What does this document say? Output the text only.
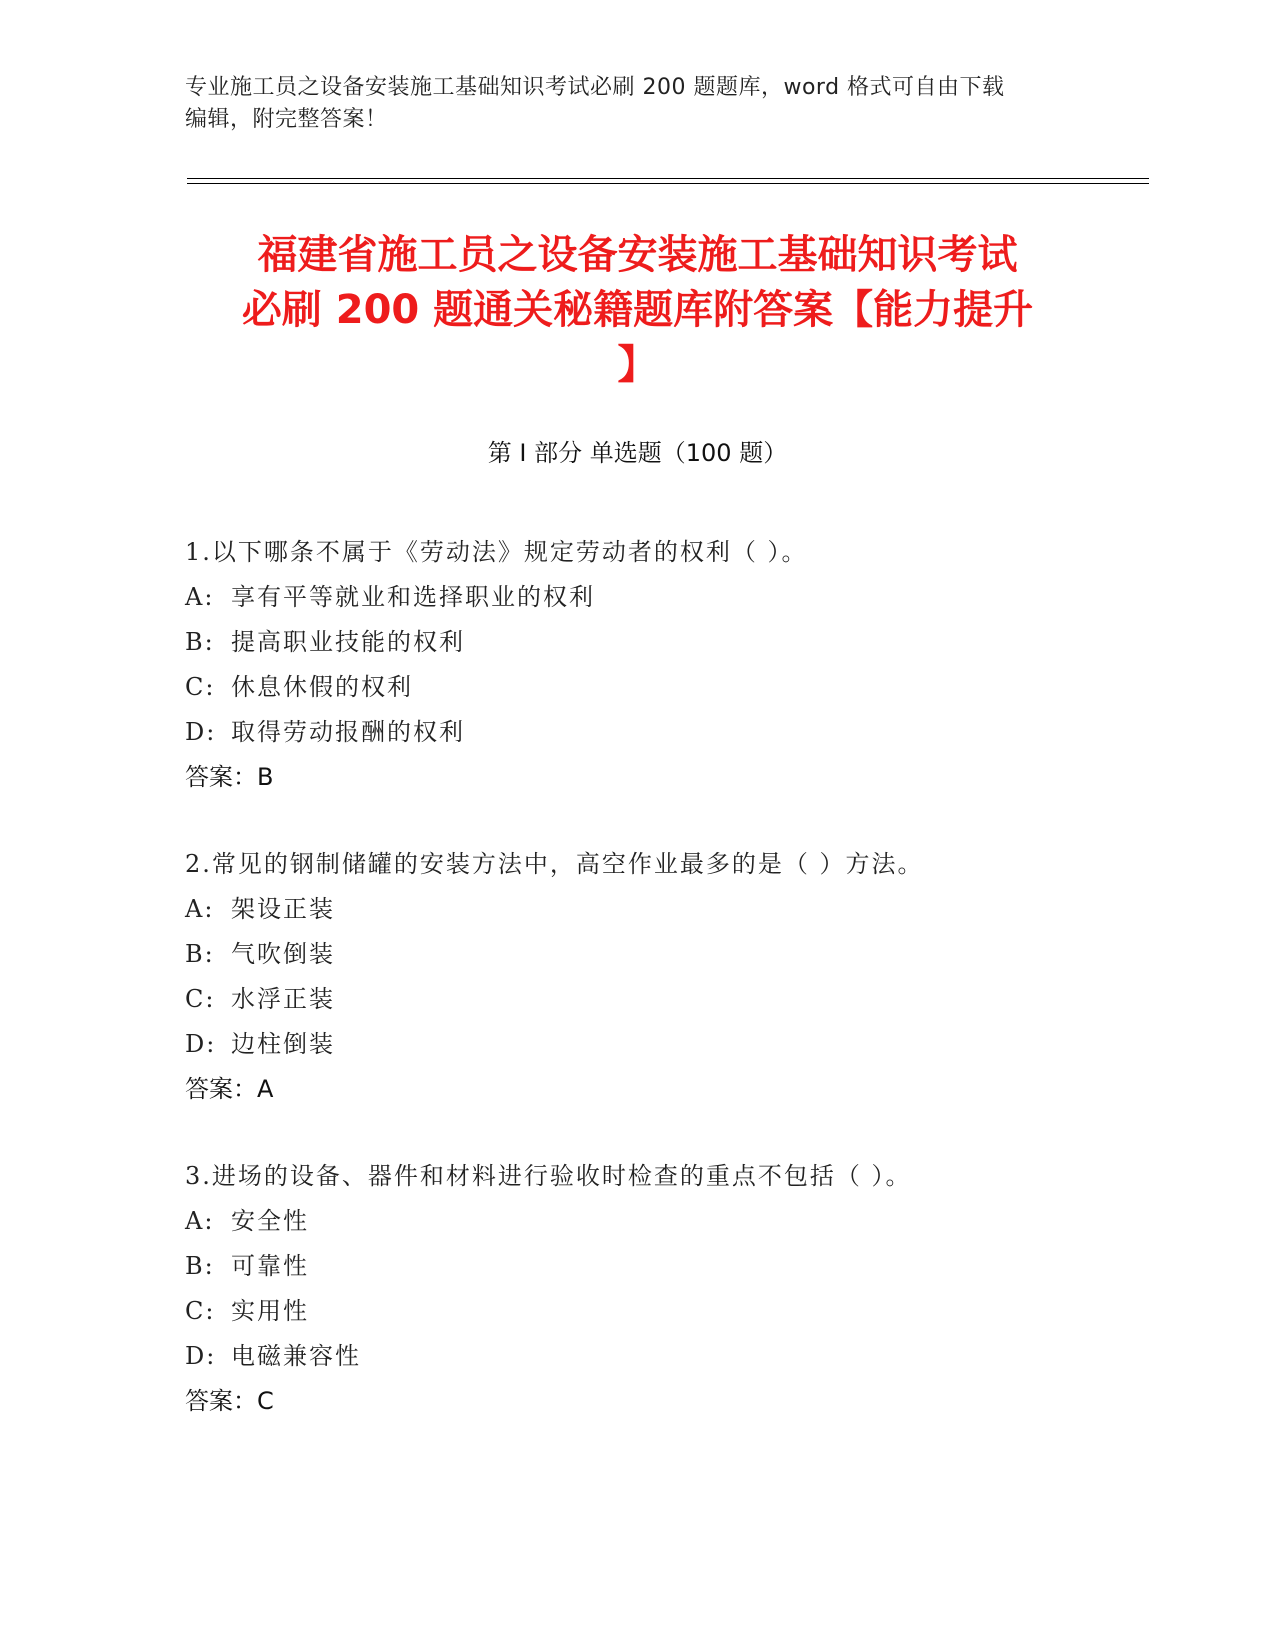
专业施工员之设备安装施工基础知识考试必刷 200 题题库，word 格式可自由下载
编辑，附完整答案！
福建省施工员之设备安装施工基础知识考试
必刷 200 题通关秘籍题库附答案【能力提升
】
第 I 部分 单选题（100 题）
1.以下哪条不属于《劳动法》规定劳动者的权利（ ）。
A: 享有平等就业和选择职业的权利
B: 提高职业技能的权利
C: 休息休假的权利
D: 取得劳动报酬的权利
答案：B
2.常见的钢制储罐的安装方法中，高空作业最多的是（ ）方法。
A: 架设正装
B: 气吹倒装
C: 水浮正装
D: 边柱倒装
答案：A
3.进场的设备、器件和材料进行验收时检查的重点不包括（ ）。
A: 安全性
B: 可靠性
C: 实用性
D: 电磁兼容性
答案：C
